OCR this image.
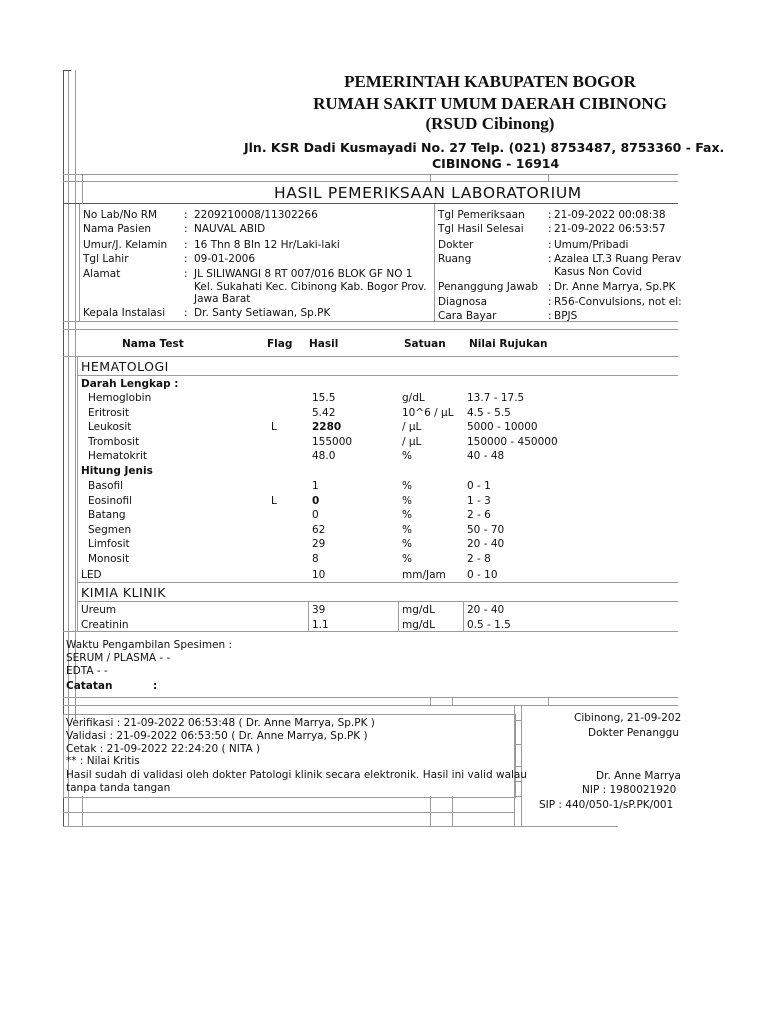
PEMERINTAH KABUPATEN BOGOR
RUMAH SAKIT UMUM DAERAH CIBINONG
(RSUD Cibinong)
Jln. KSR Dadi Kusmayadi No. 27 Telp. (021) 8753487, 8753360 - Fax.
CIBINONG - 16914
HASIL PEMERIKSAAN LABORATORIUM
No Lab/No RM	: 2209210008/11302266
Nama Pasien	: NAUVAL ABID
Umur/J. Kelamin : 16 Thn 8 Bln 12 Hr/Laki-laki
Tgl Lahir	: 09-01-2006
Alamat	: JL SILIWANGI 8 RT 007/016 BLOK GF NO 1
Kel. Sukahati Kec. Cibinong Kab. Bogor Prov.
Jawa Barat
Kepala Instalasi : Dr. Santy Setiawan, Sp.PK
Tgl Pemeriksaan : 21-09-2022 00:08:38
Tgl Hasil Selesai : 21-09-2022 06:53:57
Dokter	: Umum/Pribadi
Ruang	: Azalea LT.3 Ruang Perav
Kasus Non Covid
Penanggung Jawab : Dr. Anne Marrya, Sp.PK
Diagnosa	: R56-Convulsions, not el:
Cara Bayar	: BPJS
Nama Test	Flag Hasil	Satuan Nilai Rujukan
HEMATOLOGI
Darah Lengkap :
Hemoglobin	15.5	g/dL	13.7 - 17.5
Eritrosit	5.42	10^6 / µL 4.5 - 5.5
Leukosit	L	2280	/ µL	5000 - 10000
Trombosit	155000	/ µL	150000 - 450000
Hematokrit	48.0	%	40 - 48
Hitung Jenis
Basofil	1	%	0 - 1
Eosinofil	L	0	%	1 - 3
Batang	0	%	2 - 6
Segmen	62	%	50 - 70
Limfosit	29	%	20 - 40
Monosit	8	%	2 - 8
LED	10	mm/Jam 0 - 10
KIMIA KLINIK
Ureum	39	mg/dL	20 - 40
Creatinin	1.1	mg/dL	0.5 - 1.5
Waktu Pengambilan Spesimen :
SERUM / PLASMA - -
EDTA - -
Catatan	:
Verifikasi : 21-09-2022 06:53:48 ( Dr. Anne Marrya, Sp.PK )
Validasi : 21-09-2022 06:53:50 ( Dr. Anne Marrya, Sp.PK )
Cetak : 21-09-2022 22:24:20 ( NITA )
** : Nilai Kritis
Hasil sudah di validasi oleh dokter Patologi klinik secara elektronik. Hasil ini valid walau
tanpa tanda tangan
Cibinong, 21-09-202
Dokter Penanggu
Dr. Anne Marrya
NIP : 1980021920
SIP : 440/050-1/sP.PK/001
